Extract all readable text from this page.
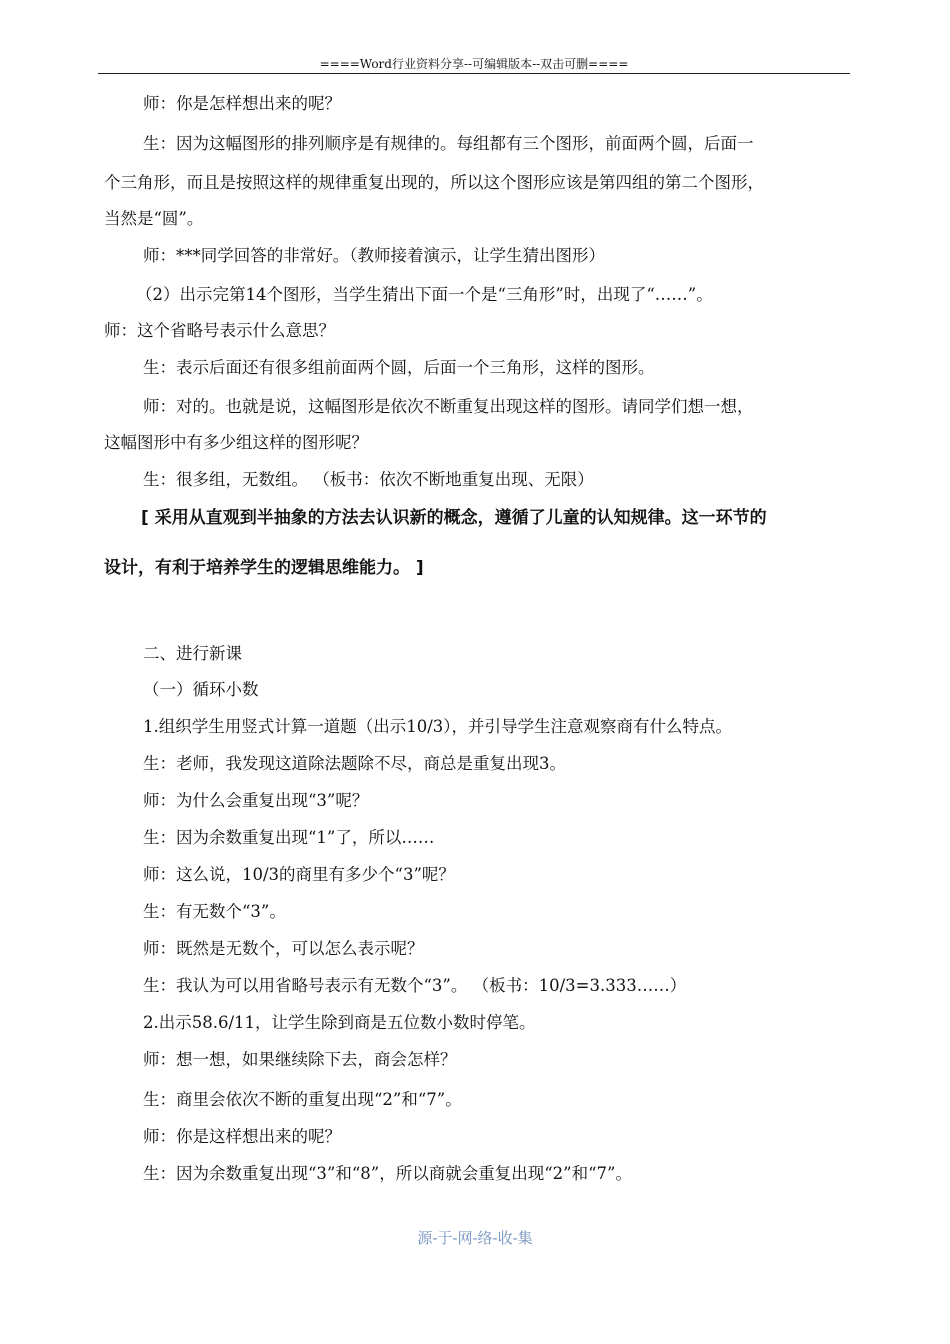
====Word行业资料分享--可编辑版本--双击可删====
师：你是怎样想出来的呢？
生：因为这幅图形的排列顺序是有规律的。每组都有三个图形，前面两个圆，后面一
个三角形，而且是按照这样的规律重复出现的，所以这个图形应该是第四组的第二个图形，
当然是“圆”。
师：***同学回答的非常好。（教师接着演示，让学生猜出图形）
（2）出示完第14个图形，当学生猜出下面一个是“三角形”时，出现了“……”。
师：这个省略号表示什么意思？
生：表示后面还有很多组前面两个圆，后面一个三角形，这样的图形。
师：对的。也就是说，这幅图形是依次不断重复出现这样的图形。请同学们想一想，
这幅图形中有多少组这样的图形呢？
生：很多组，无数组。 （板书：依次不断地重复出现、无限）
[ 采用从直观到半抽象的方法去认识新的概念，遵循了儿童的认知规律。这一环节的
设计，有利于培养学生的逻辑思维能力。 ]
二、进行新课
（一）循环小数
1.组织学生用竖式计算一道题（出示10/3），并引导学生注意观察商有什么特点。
生：老师，我发现这道除法题除不尽，商总是重复出现3。
师：为什么会重复出现“3”呢？
生：因为余数重复出现“1”了，所以……
师：这么说，10/3的商里有多少个“3”呢？
生：有无数个“3”。
师：既然是无数个，可以怎么表示呢？
生：我认为可以用省略号表示有无数个“3”。 （板书：10/3=3.333……）
2.出示58.6/11，让学生除到商是五位数小数时停笔。
师：想一想，如果继续除下去，商会怎样？
生：商里会依次不断的重复出现“2”和“7”。
师：你是这样想出来的呢？
生：因为余数重复出现“3”和“8”，所以商就会重复出现“2”和“7”。
源-于-网-络-收-集
